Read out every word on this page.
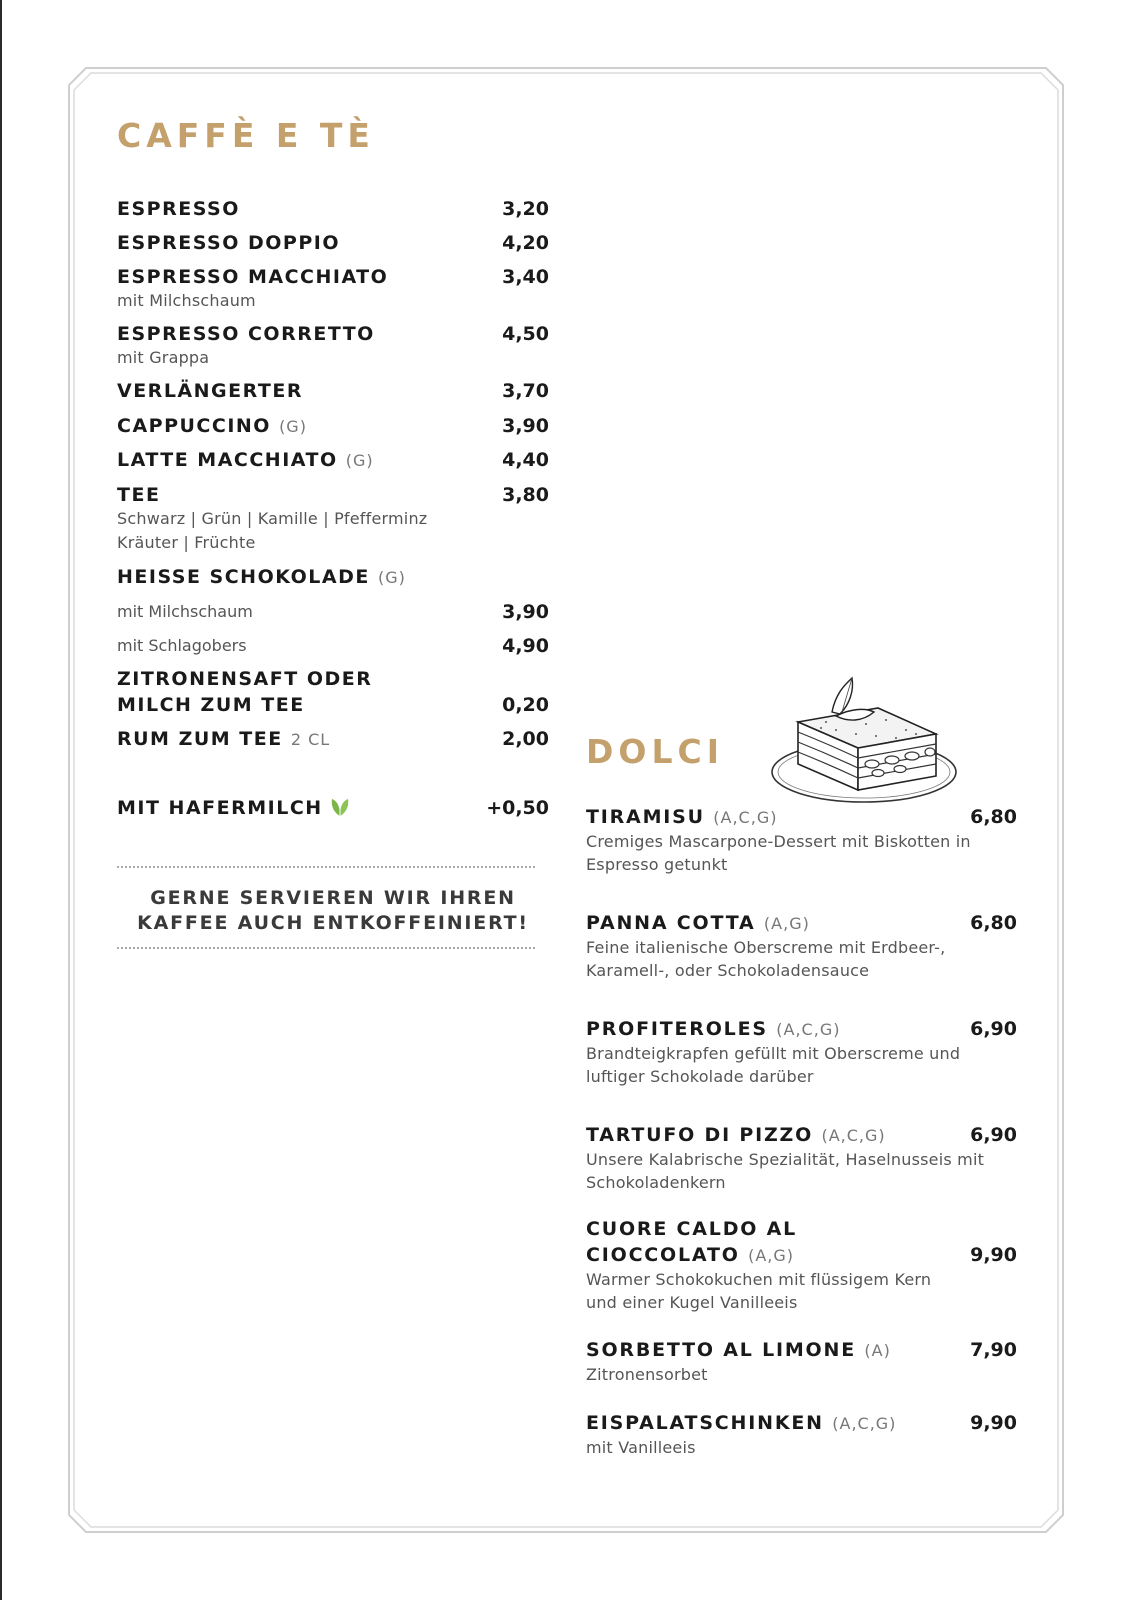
CAFFÈ E TÈ
ESPRESSO	3,20
ESPRESSO DOPPIO	4,20
ESPRESSO MACCHIATO	3,40
mit Milchschaum
ESPRESSO CORRETTO	4,50
mit Grappa
VERLÄNGERTER	3,70
CAPPUCCINO (G)	3,90
LATTE MACCHIATO (G)	4,40
TEE	3,80
Schwarz | Grün | Kamille | Pfefferminz
Kräuter | Früchte
HEISSE SCHOKOLADE (G)
mit Milchschaum	3,90
mit Schlagobers	4,90
ZITRONENSAFT ODER
MILCH ZUM TEE	0,20
RUM ZUM TEE 2 CL	2,00
MIT HAFERMILCH	+0,50
GERNE SERVIEREN WIR IHREN
KAFFEE AUCH ENTKOFFEINIERT!
DOLCI
TIRAMISU (A,C,G)	6,80
Cremiges Mascarpone-Dessert mit Biskotten in
Espresso getunkt
PANNA COTTA (A,G)	6,80
Feine italienische Oberscreme mit Erdbeer-,
Karamell-, oder Schokoladensauce
PROFITEROLES (A,C,G)	6,90
Brandteigkrapfen gefüllt mit Oberscreme und
luftiger Schokolade darüber
TARTUFO DI PIZZO (A,C,G)	6,90
Unsere Kalabrische Spezialität, Haselnusseis mit
Schokoladenkern
CUORE CALDO AL
CIOCCOLATO (A,G)	9,90
Warmer Schokokuchen mit flüssigem Kern
und einer Kugel Vanilleeis
SORBETTO AL LIMONE (A)	7,90
Zitronensorbet
EISPALATSCHINKEN (A,C,G)	9,90
mit Vanilleeis
